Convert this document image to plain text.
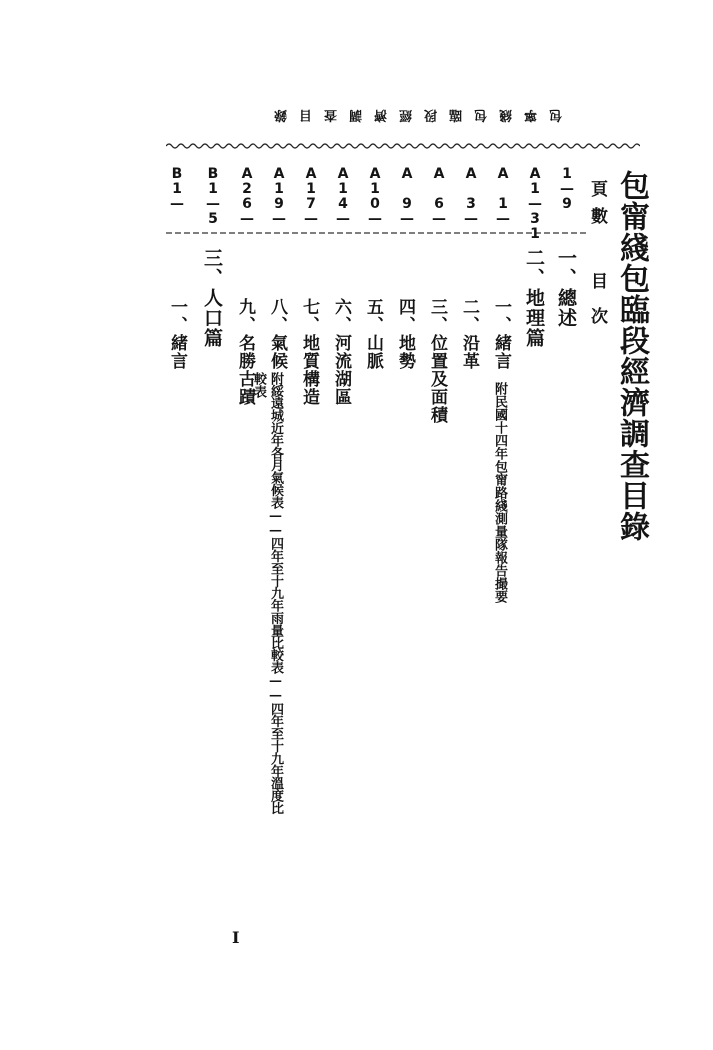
包寧綫包臨段經濟調查目錄
包甯綫包臨段經濟調查目錄
頁數
目次
1—9
A1—31
A 1—
A 3—
A 6—
A 9—
A10—
A14—
A17—
A19—
A26—
B1—5
B1—
一、總述
二、地理篇
一、緒言
附民國十四年包甯路綫測量隊報告撮要
二、沿革
三、位置及面積
四、地勢
五、山脈
六、河流湖區
七、地質構造
八、氣候
附綏遠城近年各月氣候表——四年至十九年雨量比較表——四年至十九年溫度比
較表
九、名勝古蹟
三、人口篇
一、緒言
I
